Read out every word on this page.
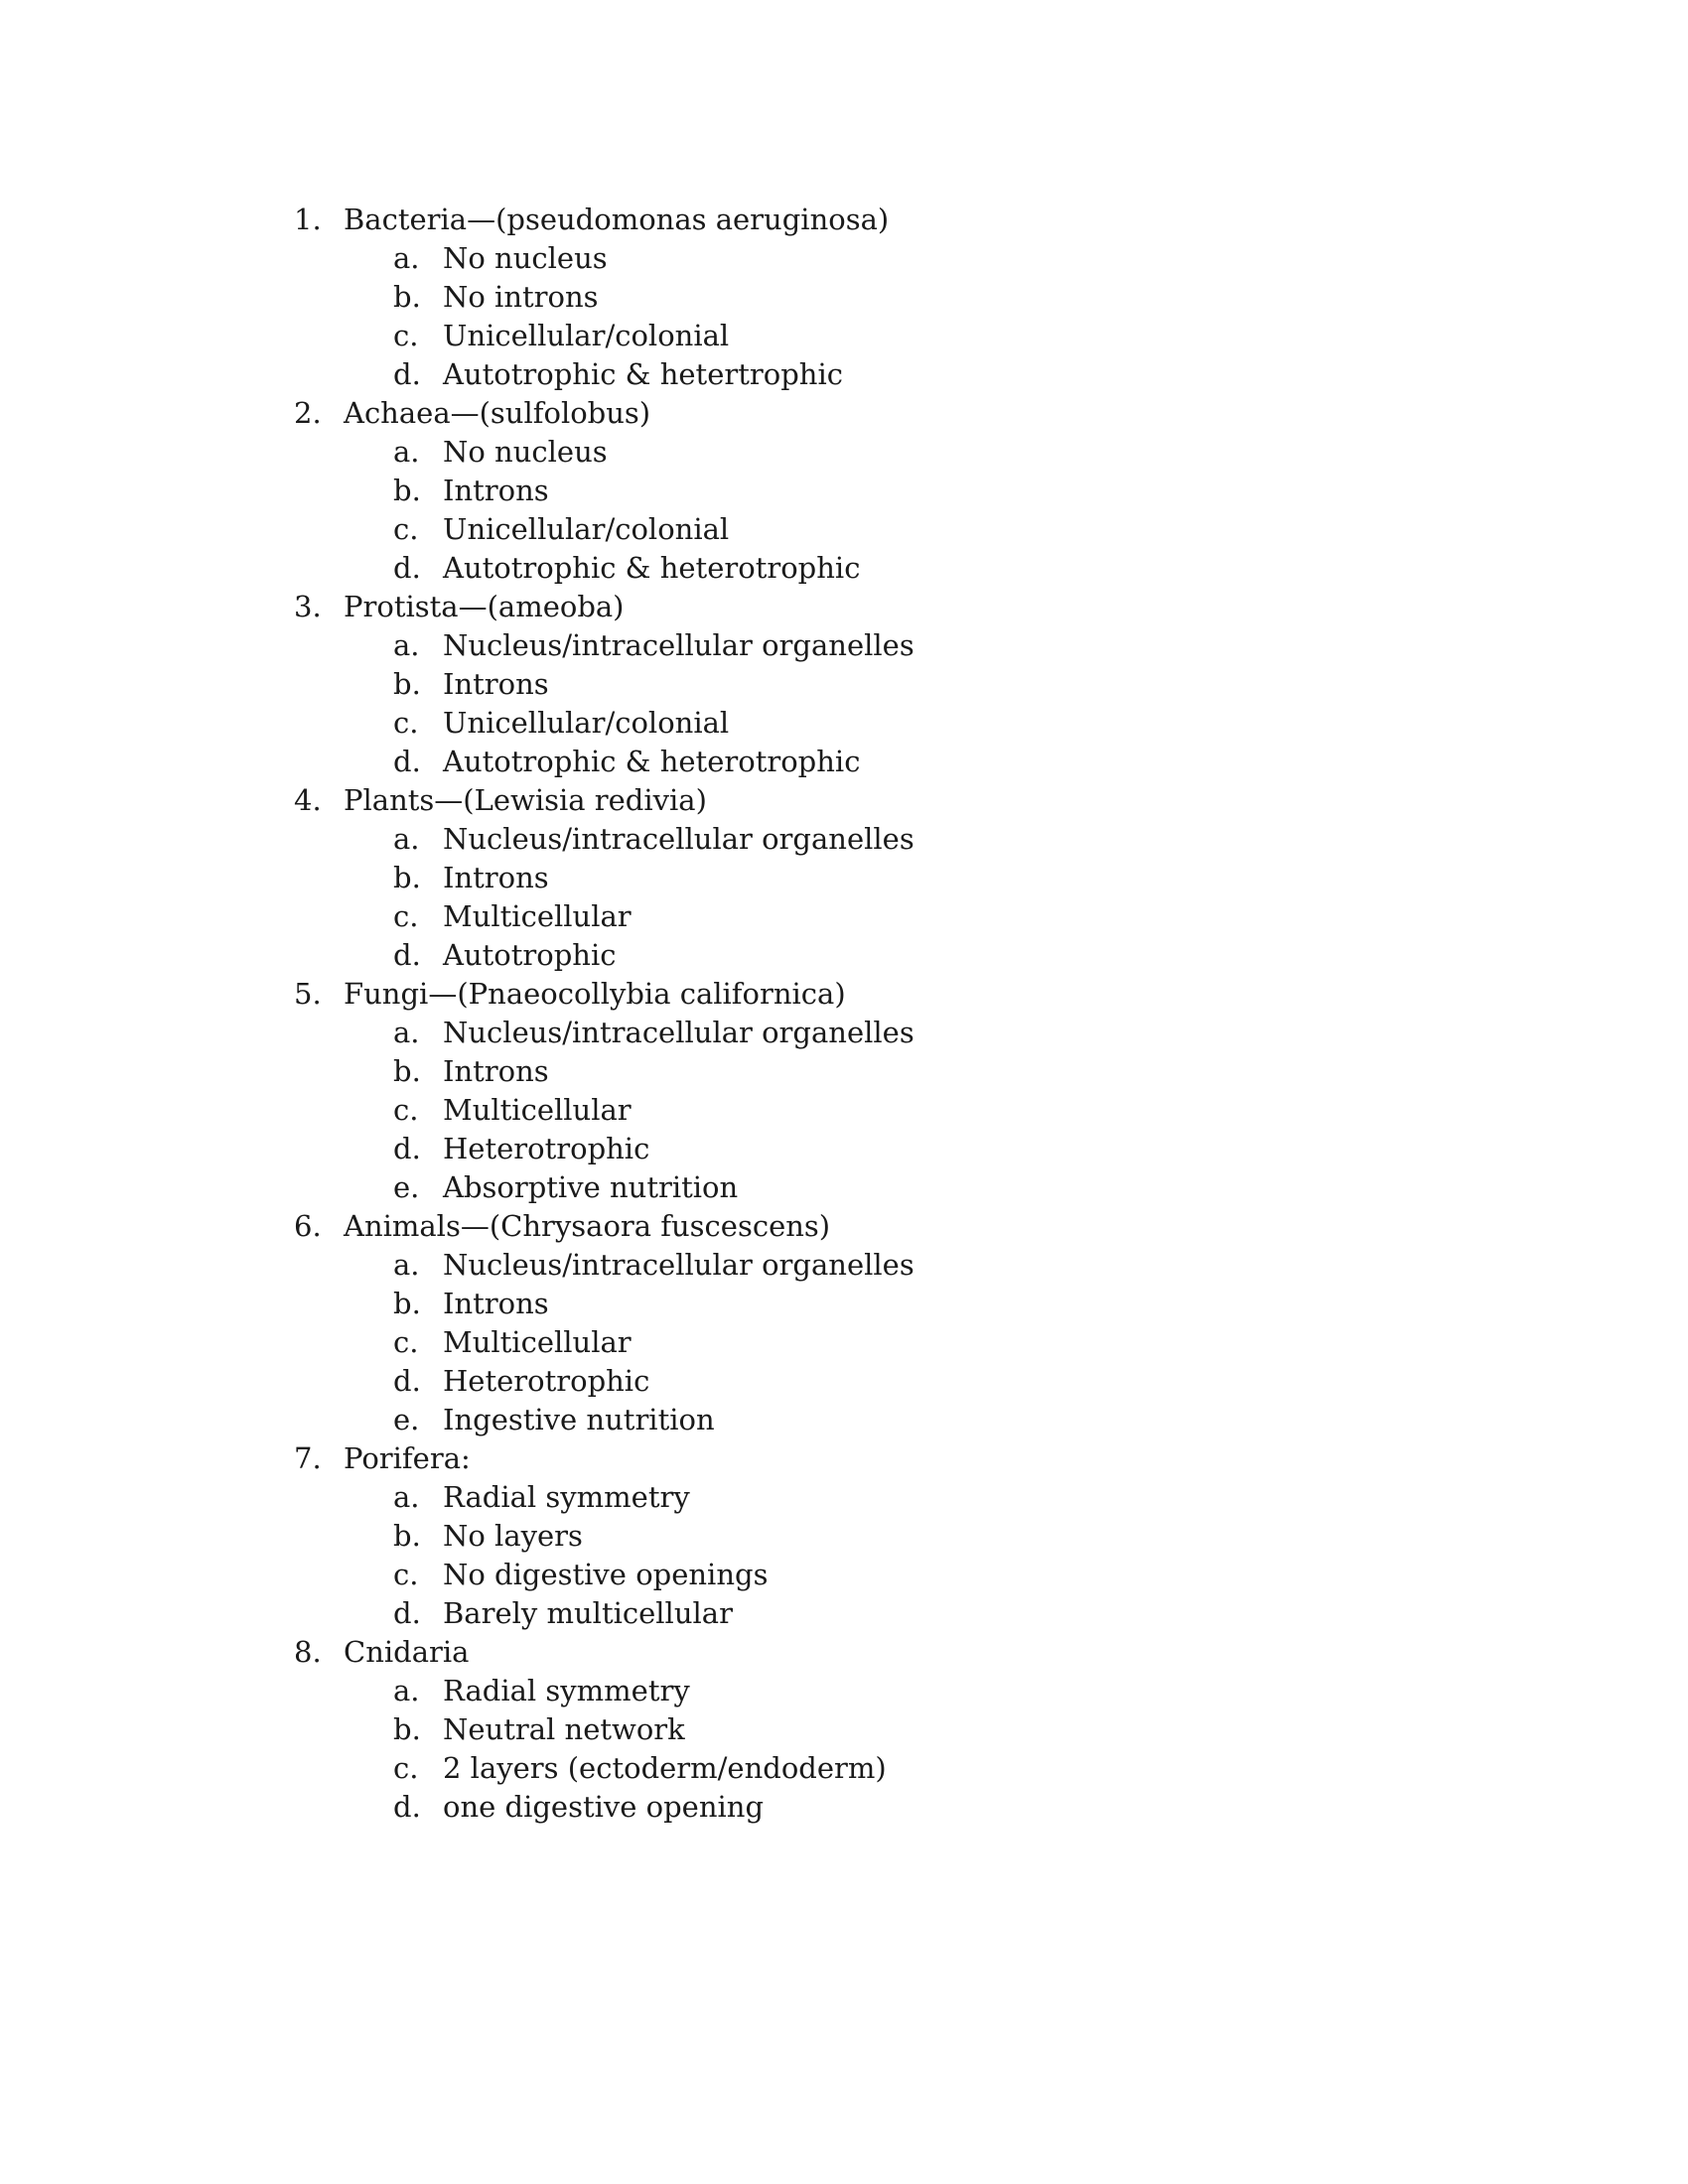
1. Bacteria—(pseudomonas aeruginosa)
a. No nucleus
b. No introns
c. Unicellular/colonial
d. Autotrophic & hetertrophic
2. Achaea—(sulfolobus)
a. No nucleus
b. Introns
c. Unicellular/colonial
d. Autotrophic & heterotrophic
3. Protista—(ameoba)
a. Nucleus/intracellular organelles
b. Introns
c. Unicellular/colonial
d. Autotrophic & heterotrophic
4. Plants—(Lewisia redivia)
a. Nucleus/intracellular organelles
b. Introns
c. Multicellular
d. Autotrophic
5. Fungi—(Pnaeocollybia californica)
a. Nucleus/intracellular organelles
b. Introns
c. Multicellular
d. Heterotrophic
e. Absorptive nutrition
6. Animals—(Chrysaora fuscescens)
a. Nucleus/intracellular organelles
b. Introns
c. Multicellular
d. Heterotrophic
e. Ingestive nutrition
7. Porifera:
a. Radial symmetry
b. No layers
c. No digestive openings
d. Barely multicellular
8. Cnidaria
a. Radial symmetry
b. Neutral network
c. 2 layers (ectoderm/endoderm)
d. one digestive opening
